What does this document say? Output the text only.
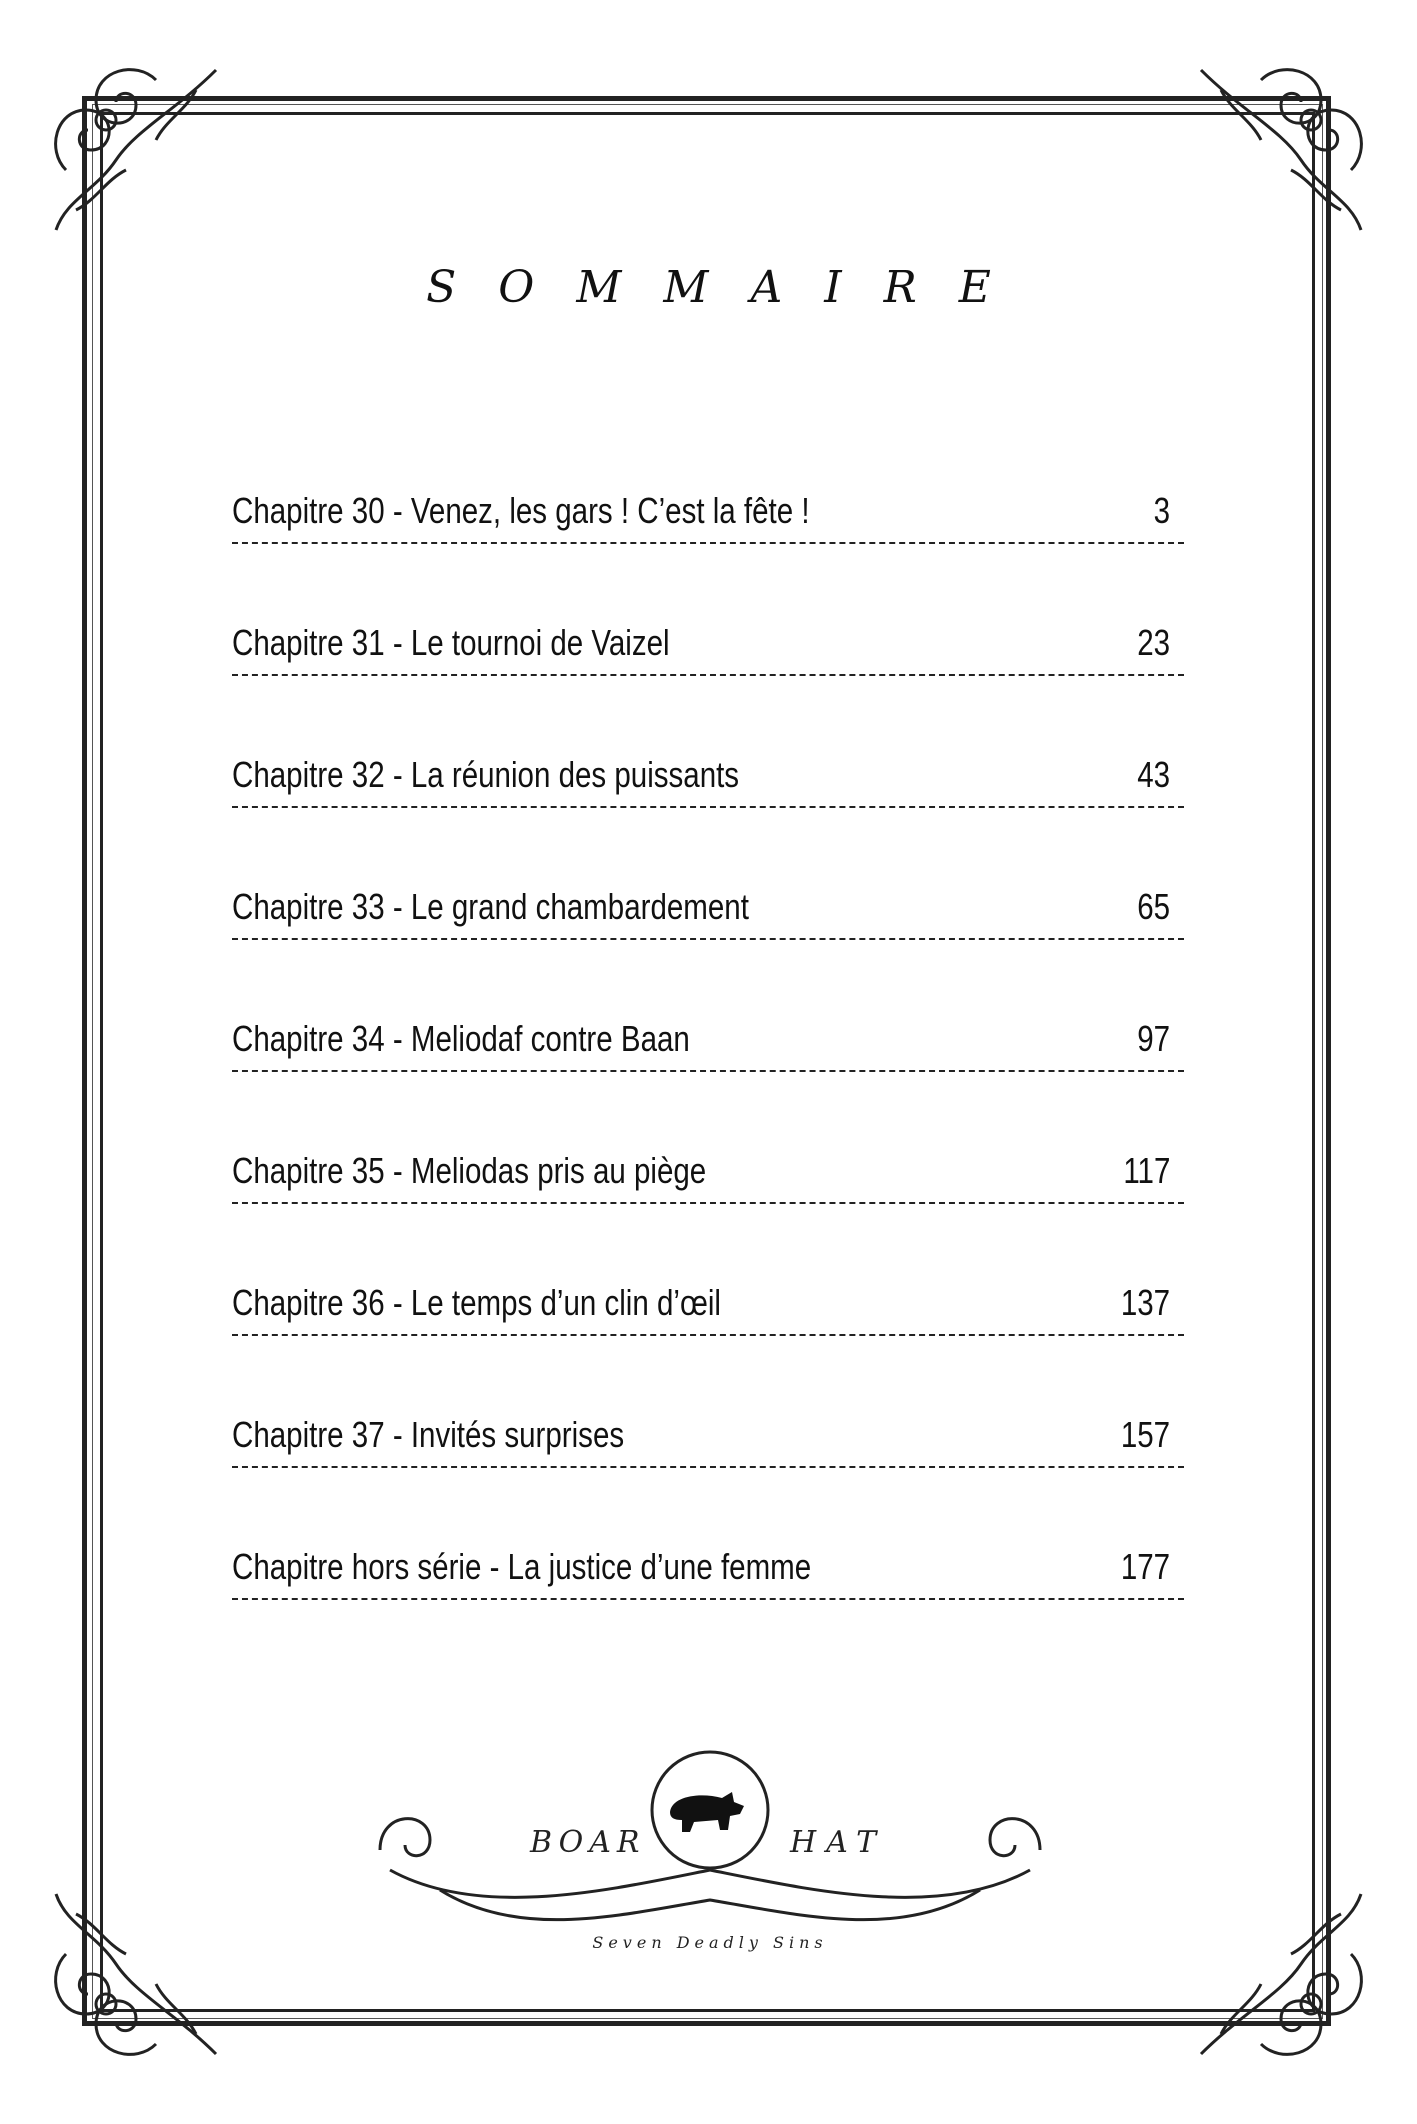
SOMMAIRE
Chapitre 30 - Venez, les gars ! C’est la fête !	3
Chapitre 31 - Le tournoi de Vaizel	23
Chapitre 32 - La réunion des puissants	43
Chapitre 33 - Le grand chambardement	65
Chapitre 34 - Meliodaf contre Baan	97
Chapitre 35 - Meliodas pris au piège	117
Chapitre 36 - Le temps d’un clin d’œil	137
Chapitre 37 - Invités surprises	157
Chapitre hors série - La justice d’une femme	177
BOAR	HAT
Seven Deadly Sins
